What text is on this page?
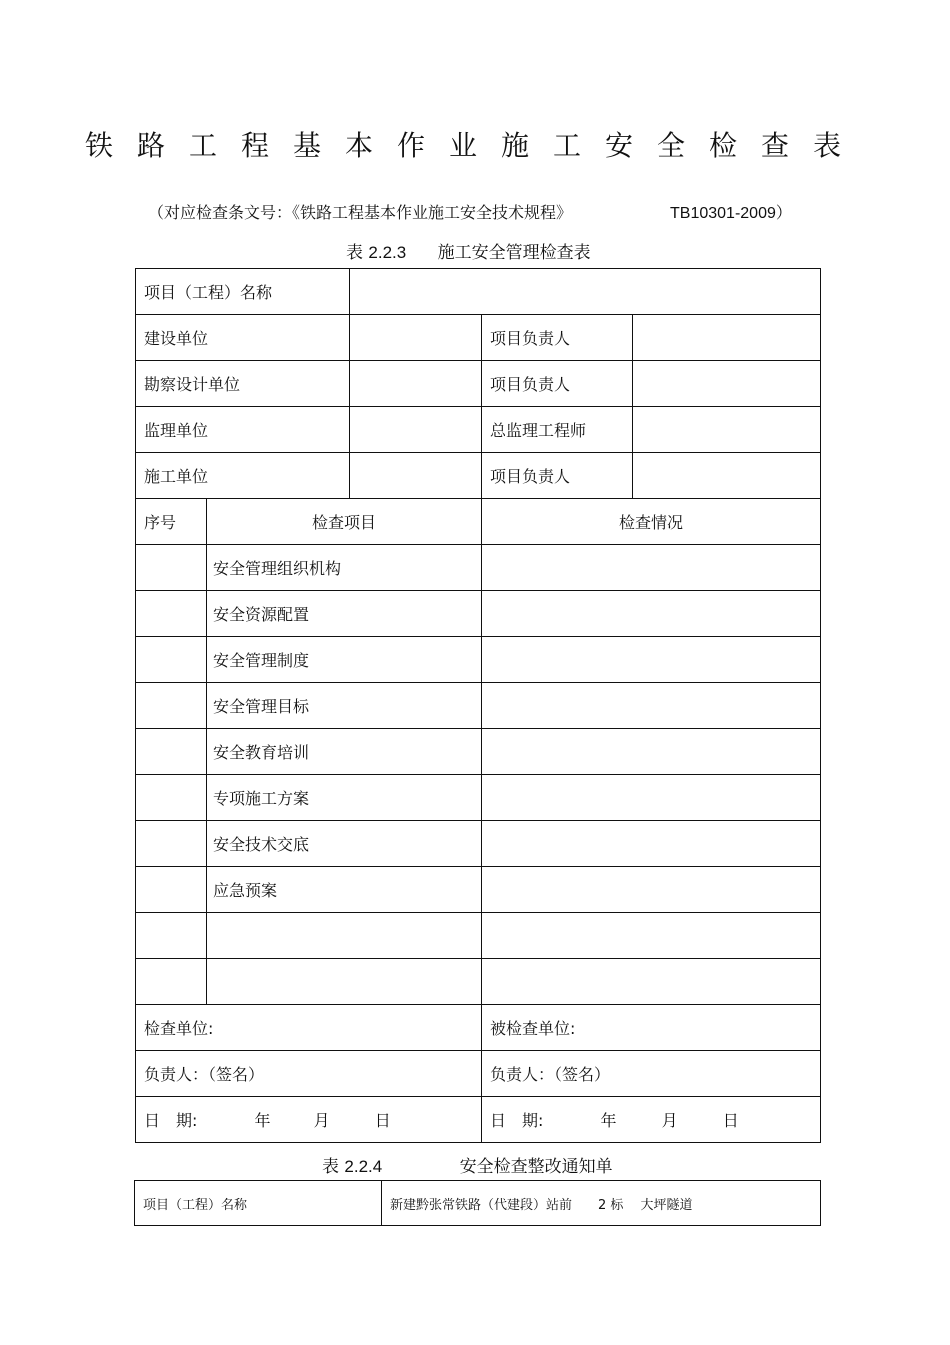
铁路工程基本作业施工安全检查表
（对应检查条文号：《铁路工程基本作业施工安全技术规程》	TB10301-2009）
表 2.2.3 施工安全管理检查表
项目（工程）名称				
建设单位			项目负责人	
勘察设计单位			项目负责人	
监理单位			总监理工程师	
施工单位			项目负责人	
序号	检查项目		检查情况	
	安全管理组织机构			
	安全资源配置			
	安全管理制度			
	安全管理目标			
	安全教育培训			
	专项施工方案			
	安全技术交底			
	应急预案			

检查单位:			被检查单位:	
负责人：（签名）			负责人：（签名）	
日　期: 年 月 日			日　期: 年 月 日	
表 2.2.4	安全检查整改通知单
项目（工程）名称	新建黔张常铁路（代建段）站前　　2 标　 大坪隧道
